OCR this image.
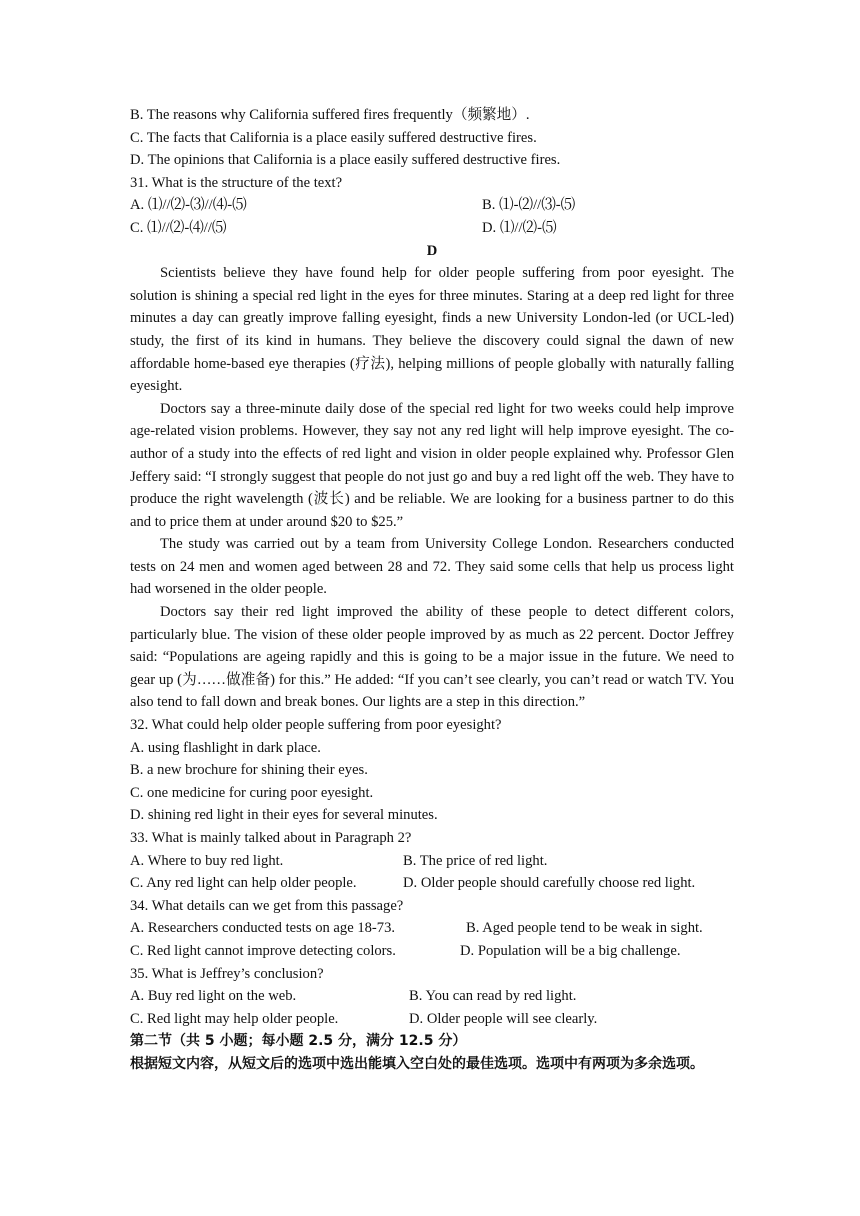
B. The reasons why California suffered fires frequently（频繁地）.

C. The facts that California is a place easily suffered destructive fires.

D. The opinions that California is a place easily suffered destructive fires.

31. What is the structure of the text?

A. ⑴//⑵-⑶//⑷-⑸	B. ⑴-⑵//⑶-⑸
C. ⑴//⑵-⑷//⑸	D. ⑴//⑵-⑸
D

Scientists believe they have found help for older people suffering from poor eyesight. The solution is shining a special red light in the eyes for three minutes. Staring at a deep red light for three minutes a day can greatly improve falling eyesight, finds a new University London-led (or UCL-led) study, the first of its kind in humans. They believe the discovery could signal the dawn of new affordable home-based eye therapies (疗法), helping millions of people globally with naturally falling eyesight.

Doctors say a three-minute daily dose of the special red light for two weeks could help improve age-related vision problems. However, they say not any red light will help improve eyesight. The co-author of a study into the effects of red light and vision in older people explained why. Professor Glen Jeffery said: “I strongly suggest that people do not just go and buy a red light off the web. They have to produce the right wavelength (波长) and be reliable. We are looking for a business partner to do this and to price them at under around $20 to $25.”

The study was carried out by a team from University College London. Researchers conducted tests on 24 men and women aged between 28 and 72. They said some cells that help us process light had worsened in the older people.

Doctors say their red light improved the ability of these people to detect different colors, particularly blue. The vision of these older people improved by as much as 22 percent. Doctor Jeffrey said: “Populations are ageing rapidly and this is going to be a major issue in the future. We need to gear up (为……做准备) for this.” He added: “If you can’t see clearly, you can’t read or watch TV. You also tend to fall down and break bones. Our lights are a step in this direction.”

32. What could help older people suffering from poor eyesight?

A. using flashlight in dark place.

B. a new brochure for shining their eyes.

C. one medicine for curing poor eyesight.

D. shining red light in their eyes for several minutes.

33. What is mainly talked about in Paragraph 2?

A. Where to buy red light.	B. The price of red light.
C. Any red light can help older people.	D. Older people should carefully choose red light.

34. What details can we get from this passage?

A. Researchers conducted tests on age 18-73.	B. Aged people tend to be weak in sight.
C. Red light cannot improve detecting colors.	D. Population will be a big challenge.

35. What is Jeffrey’s conclusion?

A. Buy red light on the web.	B. You can read by red light.
C. Red light may help older people.	D. Older people will see clearly.

第二节（共 5 小题；每小题 2.5 分，满分 12.5 分）

根据短文内容，从短文后的选项中选出能填入空白处的最佳选项。选项中有两项为多余选项。
